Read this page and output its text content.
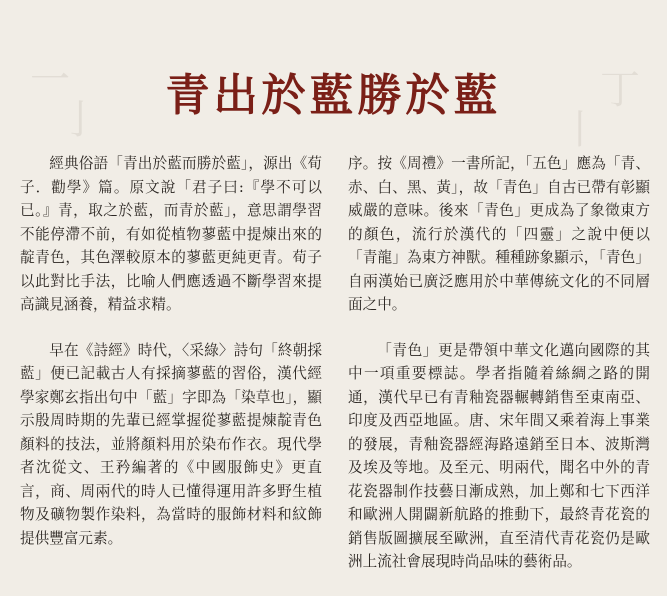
一	丁
亅	丨
青出於藍勝於藍

經典俗語「青出於藍而勝於藍」，源出《荀子．勸學》篇。原文說「君子曰:『學不可以已。』青，取之於藍，而青於藍」，意思謂學習不能停滯不前，有如從植物蓼藍中提煉出來的靛青色，其色澤較原本的蓼藍更純更青。荀子以此對比手法，比喻人們應透過不斷學習來提高識見涵養，精益求精。

早在《詩經》時代，〈采綠〉詩句「終朝採藍」便已記載古人有採摘蓼藍的習俗，漢代經學家鄭玄指出句中「藍」字即為「染草也」，顯示殷周時期的先輩已經掌握從蓼藍提煉靛青色顏料的技法，並將顏料用於染布作衣。現代學者沈從文、王矜編著的《中國服飾史》更直言，商、周兩代的時人已懂得運用許多野生植物及礦物製作染料，為當時的服飾材料和紋飾提供豐富元素。

序。按《周禮》一書所記，「五色」應為「青、赤、白、黑、黃」，故「青色」自古已帶有彰顯威嚴的意味。後來「青色」更成為了象徵東方的顏色，流行於漢代的「四靈」之說中便以「青龍」為東方神獸。種種跡象顯示，「青色」自兩漢始已廣泛應用於中華傳統文化的不同層面之中。

「青色」更是帶領中華文化邁向國際的其中一項重要標誌。學者指隨着絲綢之路的開通，漢代早已有青釉瓷器輾轉銷售至東南亞、印度及西亞地區。唐、宋年間又乘着海上事業的發展，青釉瓷器經海路遠銷至日本、波斯灣及埃及等地。及至元、明兩代，聞名中外的青花瓷器制作技藝日漸成熟，加上鄭和七下西洋和歐洲人開闢新航路的推動下，最終青花瓷的銷售版圖擴展至歐洲，直至清代青花瓷仍是歐洲上流社會展現時尚品味的藝術品。
